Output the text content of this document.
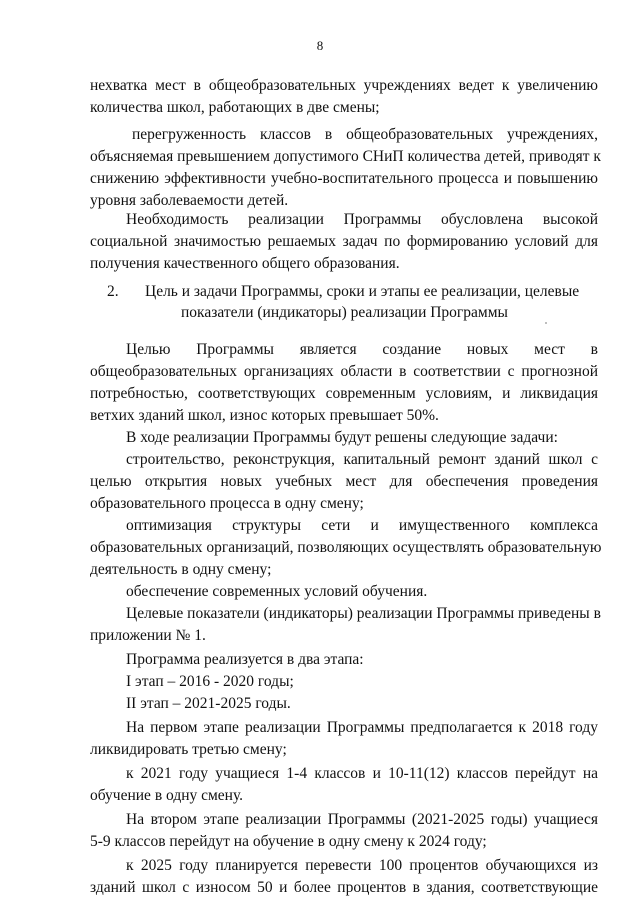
8
нехватка мест в общеобразовательных учреждениях ведет к увеличению
количества школ, работающих в две смены;
перегруженность классов в общеобразовательных учреждениях,
объясняемая превышением допустимого СНиП количества детей, приводят к
снижению эффективности учебно-воспитательного процесса и повышению
уровня заболеваемости детей.
Необходимость реализации Программы обусловлена высокой
социальной значимостью решаемых задач по формированию условий для
получения качественного общего образования.
2. Цель и задачи Программы, сроки и этапы ее реализации, целевые
показатели (индикаторы) реализации Программы
Целью Программы является создание новых мест в
общеобразовательных организациях области в соответствии с прогнозной
потребностью, соответствующих современным условиям, и ликвидация
ветхих зданий школ, износ которых превышает 50%.
В ходе реализации Программы будут решены следующие задачи:
строительство, реконструкция, капитальный ремонт зданий школ с
целью открытия новых учебных мест для обеспечения проведения
образовательного процесса в одну смену;
оптимизация структуры сети и имущественного комплекса
образовательных организаций, позволяющих осуществлять образовательную
деятельность в одну смену;
обеспечение современных условий обучения.
Целевые показатели (индикаторы) реализации Программы приведены в
приложении № 1.
Программа реализуется в два этапа:
I этап – 2016 - 2020 годы;
II этап – 2021-2025 годы.
На первом этапе реализации Программы предполагается к 2018 году
ликвидировать третью смену;
к 2021 году учащиеся 1-4 классов и 10-11(12) классов перейдут на
обучение в одну смену.
На втором этапе реализации Программы (2021-2025 годы) учащиеся
5-9 классов перейдут на обучение в одну смену к 2024 году;
к 2025 году планируется перевести 100 процентов обучающихся из
зданий школ с износом 50 и более процентов в здания, соответствующие
